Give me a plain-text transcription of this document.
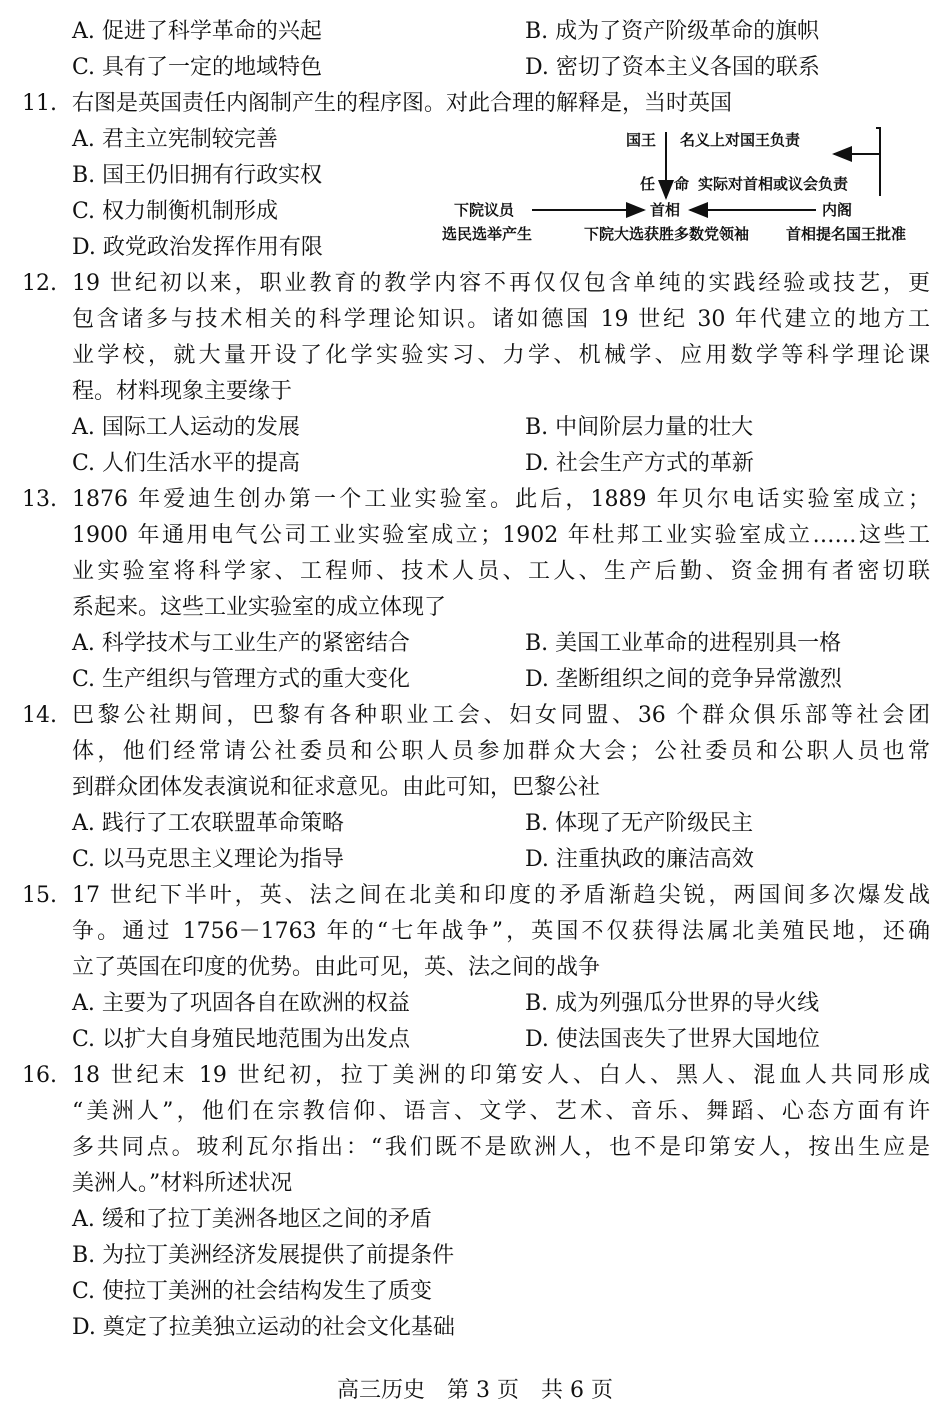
A. 促进了科学革命的兴起	B. 成为了资产阶级革命的旗帜
C. 具有了一定的地域特色	D. 密切了资本主义各国的联系
11. 右图是英国责任内阁制产生的程序图。对此合理的解释是，当时英国
A. 君主立宪制较完善
B. 国王仍旧拥有行政实权
C. 权力制衡机制形成
D. 政党政治发挥作用有限
国王 名义上对国王负责
任 命 实际对首相或议会负责
下院议员	首相	内阁
选民选举产生	下院大选获胜多数党领袖 首相提名国王批准
12. 19 世纪初以来，职业教育的教学内容不再仅仅包含单纯的实践经验或技艺，更
包含诸多与技术相关的科学理论知识。诸如德国 19 世纪 30 年代建立的地方工
业学校，就大量开设了化学实验实习、力学、机械学、应用数学等科学理论课
程。材料现象主要缘于
A. 国际工人运动的发展	B. 中间阶层力量的壮大
C. 人们生活水平的提高	D. 社会生产方式的革新
13. 1876 年爱迪生创办第一个工业实验室。此后，1889 年贝尔电话实验室成立；
1900 年通用电气公司工业实验室成立；1902 年杜邦工业实验室成立……这些工
业实验室将科学家、工程师、技术人员、工人、生产后勤、资金拥有者密切联
系起来。这些工业实验室的成立体现了
A. 科学技术与工业生产的紧密结合	B. 美国工业革命的进程别具一格
C. 生产组织与管理方式的重大变化	D. 垄断组织之间的竞争异常激烈
14. 巴黎公社期间，巴黎有各种职业工会、妇女同盟、36 个群众俱乐部等社会团
体，他们经常请公社委员和公职人员参加群众大会；公社委员和公职人员也常
到群众团体发表演说和征求意见。由此可知，巴黎公社
A. 践行了工农联盟革命策略	B. 体现了无产阶级民主
C. 以马克思主义理论为指导	D. 注重执政的廉洁高效
15. 17 世纪下半叶，英、法之间在北美和印度的矛盾渐趋尖锐，两国间多次爆发战
争。通过 1756－1763 年的“七年战争”，英国不仅获得法属北美殖民地，还确
立了英国在印度的优势。由此可见，英、法之间的战争
A. 主要为了巩固各自在欧洲的权益	B. 成为列强瓜分世界的导火线
C. 以扩大自身殖民地范围为出发点	D. 使法国丧失了世界大国地位
16. 18 世纪末 19 世纪初，拉丁美洲的印第安人、白人、黑人、混血人共同形成
“美洲人”，他们在宗教信仰、语言、文学、艺术、音乐、舞蹈、心态方面有许
多共同点。玻利瓦尔指出：“我们既不是欧洲人，也不是印第安人，按出生应是
美洲人。”材料所述状况
A. 缓和了拉丁美洲各地区之间的矛盾
B. 为拉丁美洲经济发展提供了前提条件
C. 使拉丁美洲的社会结构发生了质变
D. 奠定了拉美独立运动的社会文化基础
高三历史　第 3 页　共 6 页
